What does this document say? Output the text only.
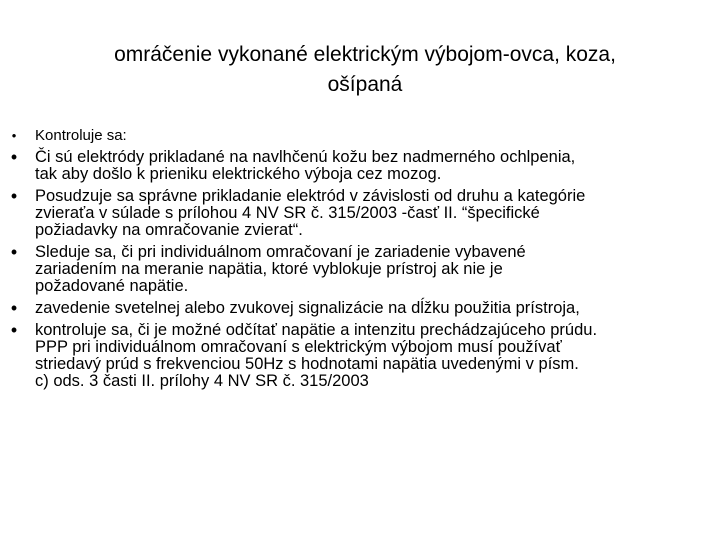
omráčenie vykonané elektrickým výbojom-ovca, koza,
ošípaná
• Kontroluje sa:
• Či sú elektródy prikladané na navlhčenú kožu bez nadmerného ochlpenia,
tak aby došlo k prieniku elektrického výboja cez mozog.
• Posudzuje sa správne prikladanie elektród v závislosti od druhu a kategórie
zvieraťa v súlade s prílohou 4 NV SR č. 315/2003 -časť II. “špecifické
požiadavky na omračovanie zvierat“.
• Sleduje sa, či pri individuálnom omračovaní je zariadenie vybavené
zariadením na meranie napätia, ktoré vyblokuje prístroj ak nie je
požadované napätie.
• zavedenie svetelnej alebo zvukovej signalizácie na dĺžku použitia prístroja,
• kontroluje sa, či je možné odčítať napätie a intenzitu prechádzajúceho prúdu.
PPP pri individuálnom omračovaní s elektrickým výbojom musí používať
striedavý prúd s frekvenciou 50Hz s hodnotami napätia uvedenými v písm.
c) ods. 3 časti II. prílohy 4 NV SR č. 315/2003
